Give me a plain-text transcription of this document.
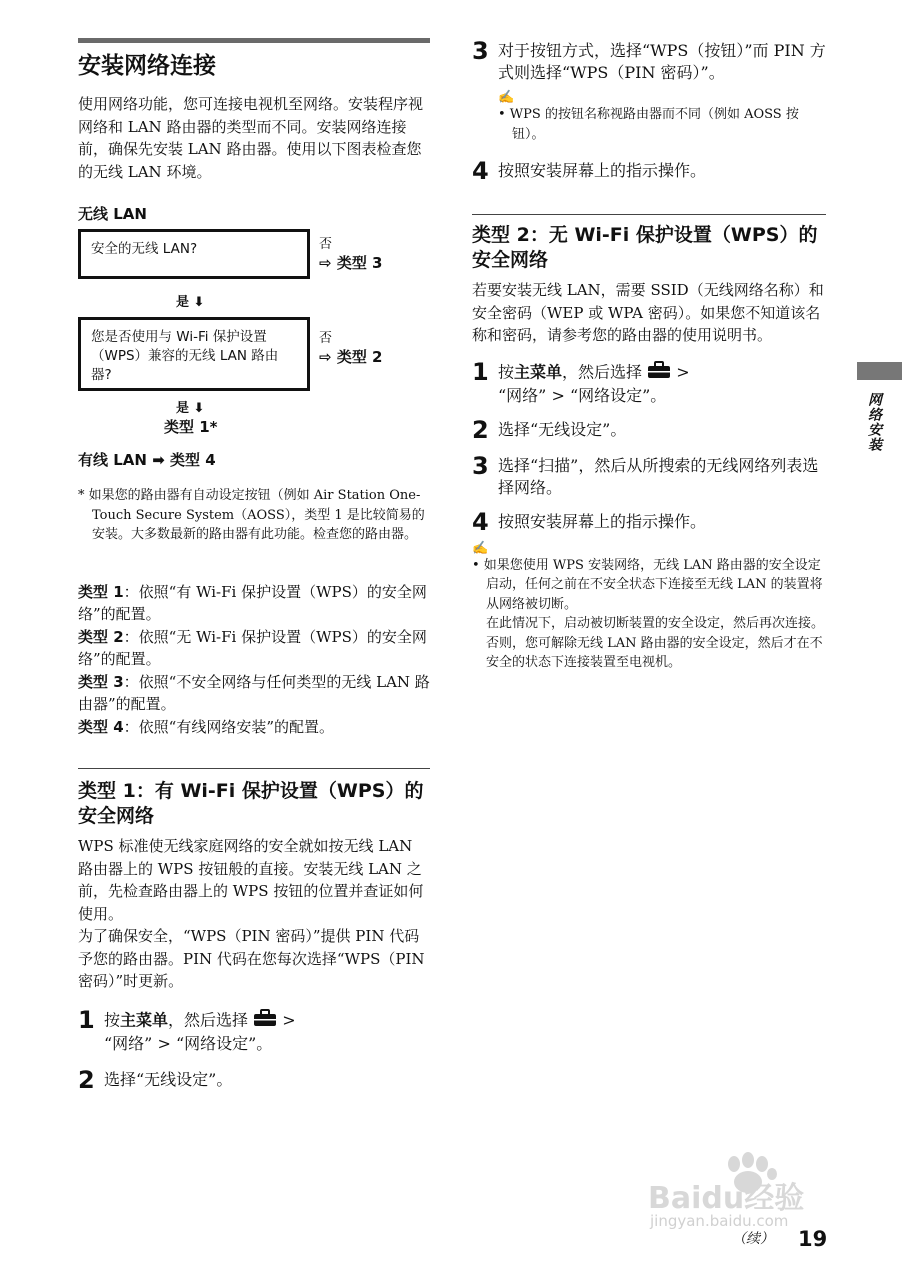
安装网络连接

使用网络功能，您可连接电视机至网络。安装程序视网络和 LAN 路由器的类型而不同。安装网络连接前，确保先安装 LAN 路由器。使用以下图表检查您的无线 LAN 环境。

无线 LAN
安全的无线 LAN?	否
⇨ 类型 3
是 ⬇
您是否使用与 Wi-Fi 保护设置（WPS）兼容的无线 LAN 路由器?
否
⇨ 类型 2
是 ⬇
类型 1*
有线 LAN ➡ 类型 4
* 如果您的路由器有自动设定按钮（例如 Air Station One-Touch Secure System（AOSS），类型 1 是比较简易的安装。大多数最新的路由器有此功能。检查您的路由器。

类型 1：依照“有 Wi-Fi 保护设置（WPS）的安全网络”的配置。

类型 2：依照“无 Wi-Fi 保护设置（WPS）的安全网络”的配置。

类型 3：依照“不安全网络与任何类型的无线 LAN 路由器”的配置。

类型 4：依照“有线网络安装”的配置。

类型 1：有 Wi-Fi 保护设置（WPS）的安全网络

WPS 标准使无线家庭网络的安全就如按无线 LAN 路由器上的 WPS 按钮般的直接。安装无线 LAN 之前，先检查路由器上的 WPS 按钮的位置并查证如何使用。

为了确保安全，“WPS（PIN 密码）”提供 PIN 代码予您的路由器。PIN 代码在您每次选择“WPS（PIN 密码）”时更新。

1 按主菜单，然后选择  >
“网络” > “网络设定”。
2 选择“无线设定”。
3 对于按钮方式，选择“WPS（按钮）”而 PIN 方式则选择“WPS（PIN 密码）”。
✍

• WPS 的按钮名称视路由器而不同（例如 AOSS 按钮）。

4 按照安装屏幕上的指示操作。
类型 2：无 Wi-Fi 保护设置（WPS）的安全网络

若要安装无线 LAN，需要 SSID（无线网络名称）和安全密码（WEP 或 WPA 密码）。如果您不知道该名称和密码，请参考您的路由器的使用说明书。

1 按主菜单，然后选择  >
“网络” > “网络设定”。
2 选择“无线设定”。
3 选择“扫描”，然后从所搜索的无线网络列表选择网络。
4 按照安装屏幕上的指示操作。
✍

• 如果您使用 WPS 安装网络，无线 LAN 路由器的安全设定启动，任何之前在不安全状态下连接至无线 LAN 的装置将从网络被切断。

在此情况下，启动被切断装置的安全设定，然后再次连接。否则，您可解除无线 LAN 路由器的安全设定，然后才在不安全的状态下连接装置至电视机。

网络安装
Baidu经验
jingyan.baidu.com
（续） 19
